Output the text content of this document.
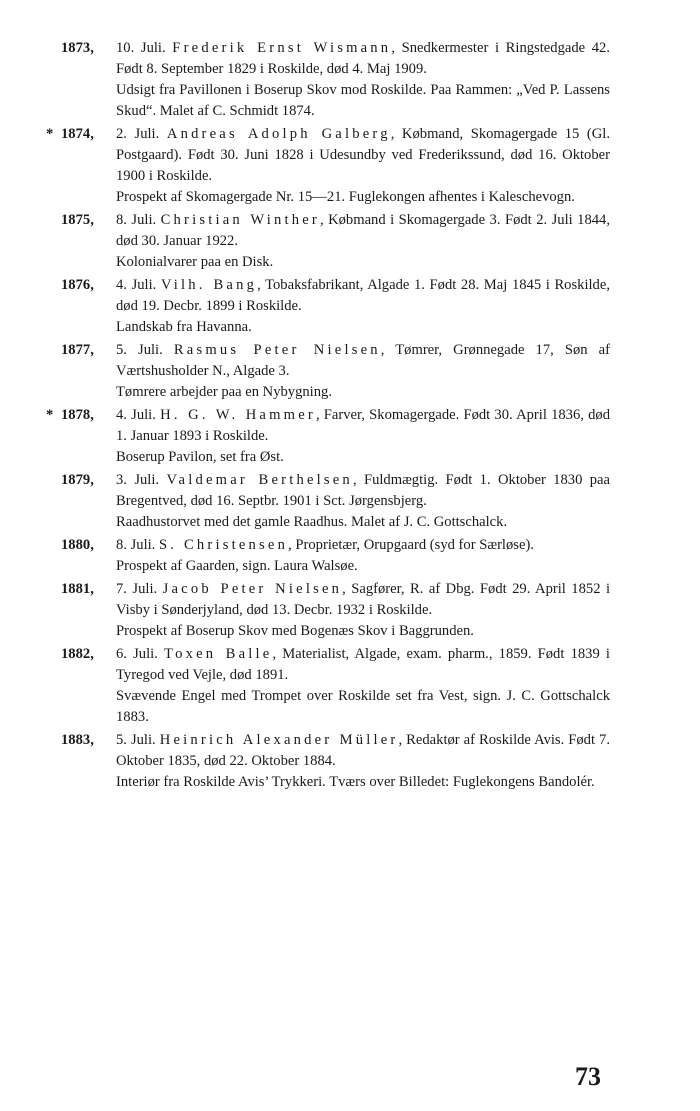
1873,	10. Juli. Frederik Ernst Wismann, Snedkermester i Ringstedgade 42. Født 8. September 1829 i Roskilde, død 4. Maj 1909.

Udsigt fra Pavillonen i Boserup Skov mod Roskilde. Paa Rammen: „Ved P. Lassens Skud“. Malet af C. Schmidt 1874.

* 1874,	2. Juli. Andreas Adolph Galberg, Købmand, Skomagergade 15 (Gl. Postgaard). Født 30. Juni 1828 i Udesundby ved Frederikssund, død 16. Oktober 1900 i Roskilde.

Prospekt af Skomagergade Nr. 15—21. Fuglekongen afhentes i Kaleschevogn.

1875,	8. Juli. Christian Winther, Købmand i Skomagergade 3. Født 2. Juli 1844, død 30. Januar 1922.

Kolonialvarer paa en Disk.

1876,	4. Juli. Vilh. Bang, Tobaksfabrikant, Algade 1. Født 28. Maj 1845 i Roskilde, død 19. Decbr. 1899 i Roskilde.

Landskab fra Havanna.

1877,	5. Juli. Rasmus Peter Nielsen, Tømrer, Grønnegade 17, Søn af Værtshusholder N., Algade 3.

Tømrere arbejder paa en Nybygning.

* 1878,	4. Juli. H. G. W. Hammer, Farver, Skomagergade. Født 30. April 1836, død 1. Januar 1893 i Roskilde.

Boserup Pavilon, set fra Øst.

1879,	3. Juli. Valdemar Berthelsen, Fuldmægtig. Født 1. Oktober 1830 paa Bregentved, død 16. Septbr. 1901 i Sct. Jørgensbjerg.

Raadhustorvet med det gamle Raadhus. Malet af J. C. Gottschalck.

1880,	8. Juli. S. Christensen, Proprietær, Orupgaard (syd for Særløse).

Prospekt af Gaarden, sign. Laura Walsøe.

1881,	7. Juli. Jacob Peter Nielsen, Sagfører, R. af Dbg. Født 29. April 1852 i Visby i Sønderjyland, død 13. Decbr. 1932 i Roskilde.

Prospekt af Boserup Skov med Bogenæs Skov i Baggrunden.

1882,	6. Juli. Toxen Balle, Materialist, Algade, exam. pharm., 1859. Født 1839 i Tyregod ved Vejle, død 1891.

Svævende Engel med Trompet over Roskilde set fra Vest, sign. J. C. Gottschalck 1883.

1883,	5. Juli. Heinrich Alexander Müller, Redaktør af Roskilde Avis. Født 7. Oktober 1835, død 22. Oktober 1884.

Interiør fra Roskilde Avis’ Trykkeri. Tværs over Billedet: Fuglekongens Bandolér.

73
